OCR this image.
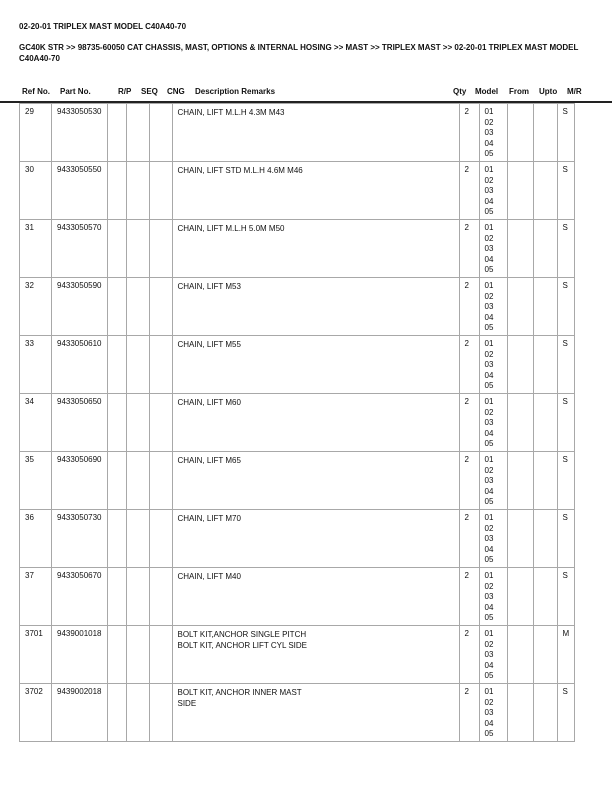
02-20-01 TRIPLEX MAST MODEL C40A40-70
GC40K STR >> 98735-60050 CAT CHASSIS, MAST, OPTIONS & INTERNAL HOSING >> MAST >> TRIPLEX MAST >> 02-20-01 TRIPLEX MAST MODEL C40A40-70
Ref No. Part No.	R/P SEQ CNG Description Remarks	Qty Model From Upto M/R
29	9433050530				CHAIN, LIFT M.L.H 4.3M M43	2	01
02
03
04
05			S
30	9433050550				CHAIN, LIFT STD M.L.H 4.6M M46	2	01
02
03
04
05			S
31	9433050570				CHAIN, LIFT M.L.H 5.0M M50	2	01
02
03
04
05			S
32	9433050590				CHAIN, LIFT M53	2	01
02
03
04
05			S
33	9433050610				CHAIN, LIFT M55	2	01
02
03
04
05			S
34	9433050650				CHAIN, LIFT M60	2	01
02
03
04
05			S
35	9433050690				CHAIN, LIFT M65	2	01
02
03
04
05			S
36	9433050730				CHAIN, LIFT M70	2	01
02
03
04
05			S
37	9433050670				CHAIN, LIFT M40	2	01
02
03
04
05			S
3701	9439001018				BOLT KIT,ANCHOR SINGLE PITCH
BOLT KIT, ANCHOR LIFT CYL SIDE
	2	01
02
03
04
05
			M
3702	9439002018				BOLT KIT, ANCHOR INNER MAST
SIDE
	2	01
02
03
04
05
			S
